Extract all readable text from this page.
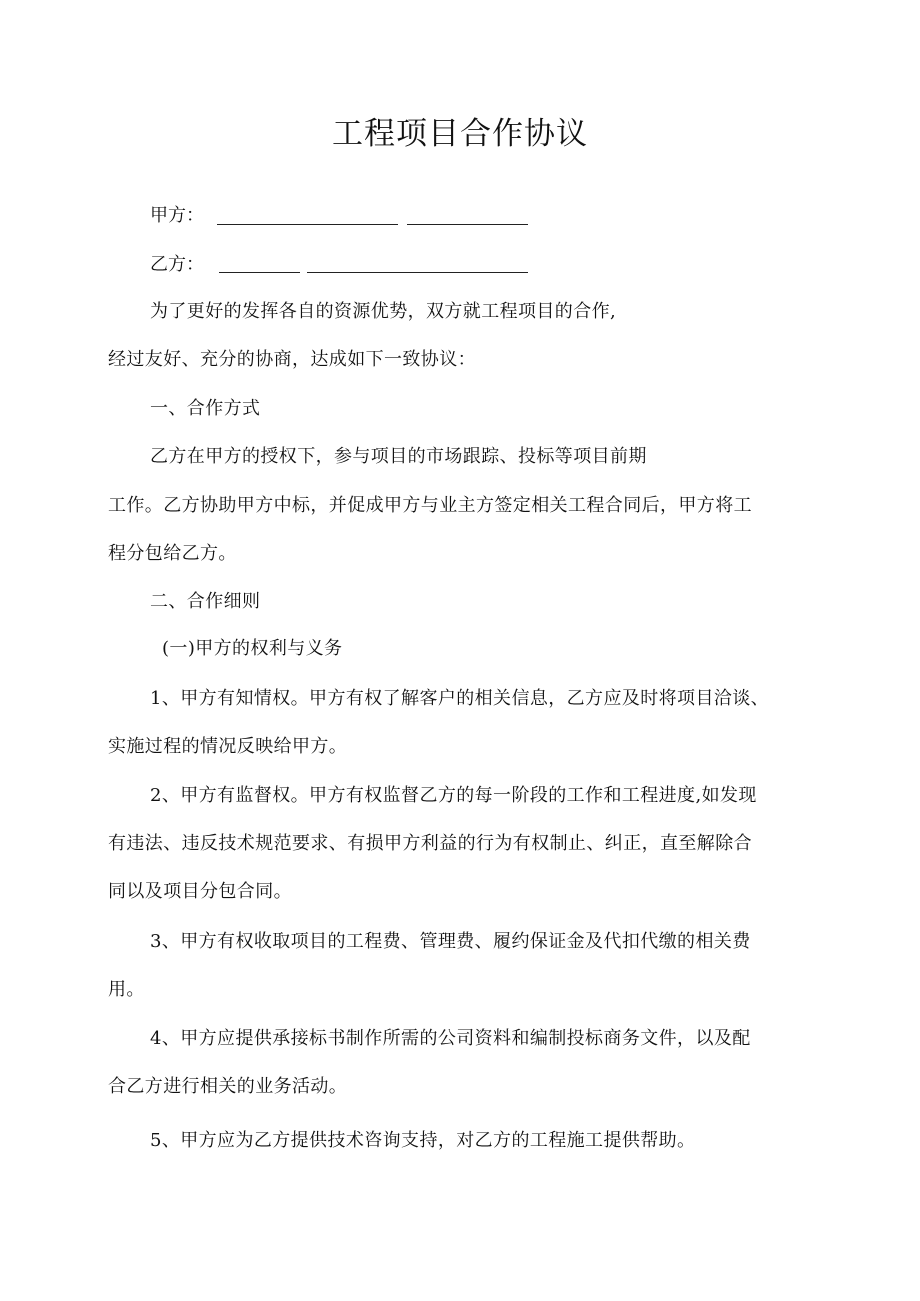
工程项目合作协议
甲方：
乙方：
为了更好的发挥各自的资源优势，双方就工程项目的合作,
经过友好、充分的协商，达成如下一致协议：
一、合作方式
乙方在甲方的授权下，参与项目的市场跟踪、投标等项目前期
工作。乙方协助甲方中标，并促成甲方与业主方签定相关工程合同后，甲方将工
程分包给乙方。
二、合作细则
(一)甲方的权利与义务
1、甲方有知情权。甲方有权了解客户的相关信息，乙方应及时将项目洽谈、
实施过程的情况反映给甲方。
2、甲方有监督权。甲方有权监督乙方的每一阶段的工作和工程进度,如发现
有违法、违反技术规范要求、有损甲方利益的行为有权制止、纠正，直至解除合
同以及项目分包合同。
3、甲方有权收取项目的工程费、管理费、履约保证金及代扣代缴的相关费
用。
4、甲方应提供承接标书制作所需的公司资料和编制投标商务文件，以及配
合乙方进行相关的业务活动。
5、甲方应为乙方提供技术咨询支持，对乙方的工程施工提供帮助。
